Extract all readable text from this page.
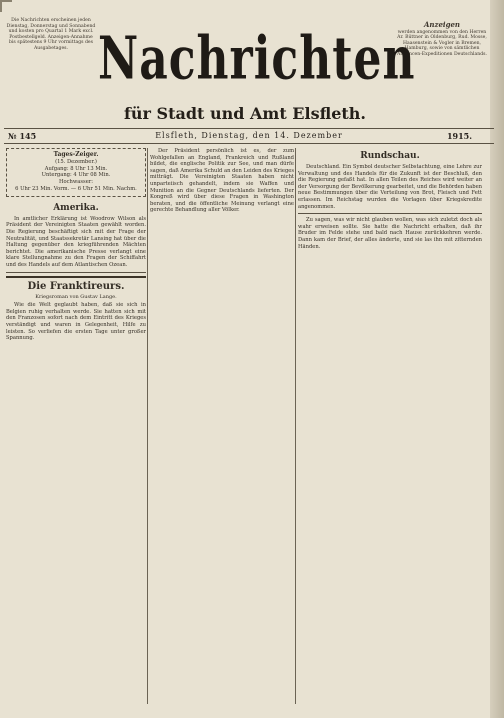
Die Nachrichten erscheinen jeden Dienstag, Donnerstag und Sonnabend und kosten pro Quartal 1 Mark excl. Postbestellgeld. Anzeigen-Annahme bis spätestens 9 Uhr vormittags des Ausgabetages.
Anzeigen
werden angenommen von den Herren Ar. Büttner in Oldenburg, Rud. Mosse, Haasenstein & Vogler in Bremen, Hamburg, sowie von sämtlichen Annoncen-Expeditionen Deutschlands.
Nachrichten
für Stadt und Amt Elsfleth.
№ 145	Elsfleth, Dienstag, den 14. Dezember	1915.
Tages-Zeiger.
(15. Dezember.)
Aufgang: 8 Uhr 13 Min.
Untergang: 4 Uhr 08 Min.
Hochwasser:
6 Uhr 23 Min. Vorm. — 6 Uhr 51 Min. Nachm.
Amerika.

In amtlicher Erklärung ist Woodrow Wilson als Präsident der Vereinigten Staaten gewählt worden. Die Regierung beschäftigt sich mit der Frage der Neutralität, und Staatssekretär Lansing hat über die Haltung gegenüber den kriegführenden Mächten berichtet. Die amerikanische Presse verlangt eine klare Stellungnahme zu den Fragen der Schiffahrt und des Handels auf dem Atlantischen Ozean.

Die Franktireurs.
Kriegsroman von Gustav Lange.

Wie die Welt geglaubt haben, daß sie sich in Belgien ruhig verhalten werde. Sie hatten sich mit den Franzosen sofort nach dem Eintritt des Krieges verständigt und waren in Gelegenheit, Hilfe zu leisten. So verliefen die ersten Tage unter großer Spannung.

Der Präsident persönlich ist es, der zum Wohlgefallen an England, Frankreich und Rußland bildet, die englische Politik zur See, und man dürfe sagen, daß Amerika Schuld an den Leiden des Krieges mitträgt. Die Vereinigten Staaten haben nicht unparteiisch gehandelt, indem sie Waffen und Munition an die Gegner Deutschlands lieferten. Der Kongreß wird über diese Fragen in Washington beraten, und die öffentliche Meinung verlangt eine gerechte Behandlung aller Völker.

Rundschau.

Deutschland. Ein Symbol deutscher Selbstachtung, eine Lehre zur Verwaltung und des Handels für die Zukunft ist der Beschluß, den die Regierung gefaßt hat. In allen Teilen des Reiches wird weiter an der Versorgung der Bevölkerung gearbeitet, und die Behörden haben neue Bestimmungen über die Verteilung von Brot, Fleisch und Fett erlassen. Im Reichstag wurden die Vorlagen über Kriegskredite angenommen.

Zu sagen, was wir nicht glauben wollen, was sich zuletzt doch als wahr erweisen sollte. Sie hatte die Nachricht erhalten, daß ihr Bruder im Felde stehe und bald nach Hause zurückkehren werde. Dann kam der Brief, der alles änderte, und sie las ihn mit zitternden Händen.
